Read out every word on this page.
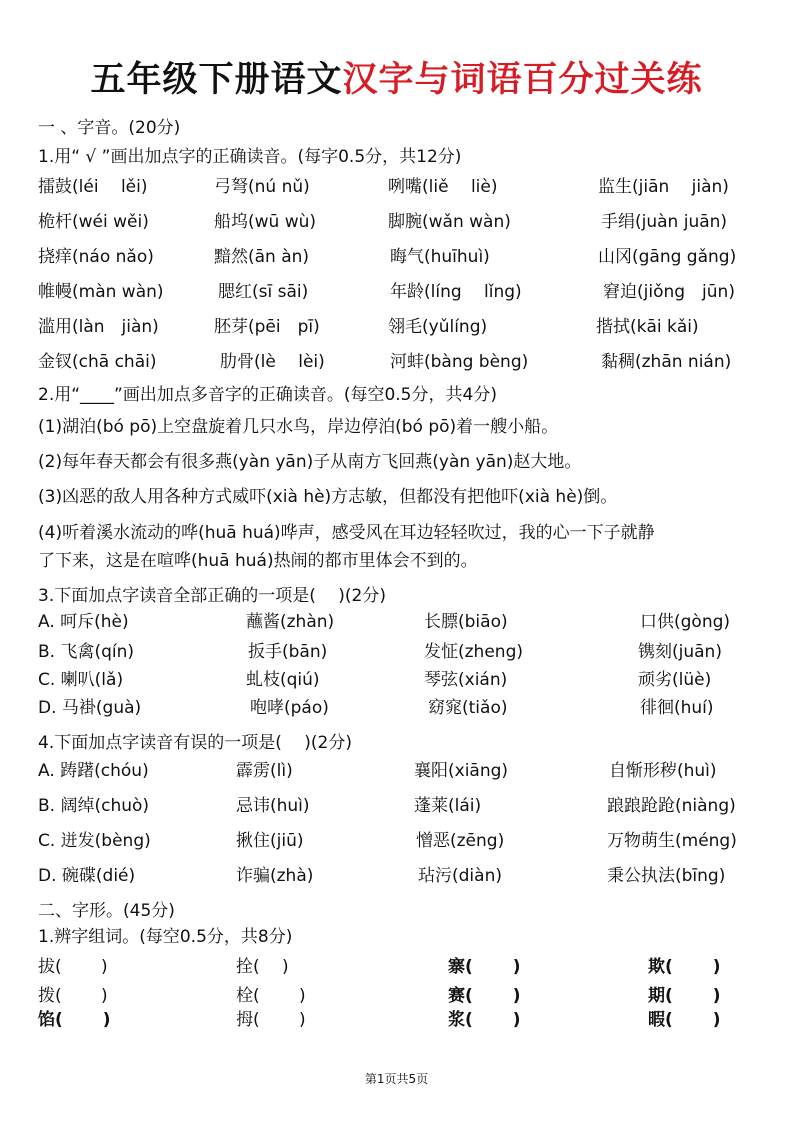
五年级下册语文汉字与词语百分过关练
一 、字音。(20分)
1.用“ √ ”画出加点字的正确读音。(每字0.5分，共12分)
擂鼓(léi　 lěi)	弓弩(nú nǔ)	咧嘴(liě　 liè)	监生(jiān　 jiàn)
桅杆(wéi wěi)	船坞(wū wù)	脚腕(wǎn wàn)	手绢(juàn juān)
挠痒(náo nǎo)	黯然(ān àn)	晦气(huīhuì)	山冈(gāng gǎng)
帷幔(màn wàn)	腮红(sī sāi)	年龄(líng　 lǐng)	窘迫(jiǒng　jūn)
滥用(làn　jiàn)	胚芽(pēi　pī)	翎毛(yǔlíng)	揩拭(kāi kǎi)
金钗(chā chāi)	肋骨(lè　 lèi)	河蚌(bàng bèng)	黏稠(zhān nián)
2.用“____”画出加点多音字的正确读音。(每空0.5分，共4分)
(1)湖泊(bó pō)上空盘旋着几只水鸟，岸边停泊(bó pō)着一艘小船。
(2)每年春天都会有很多燕(yàn yān)子从南方飞回燕(yàn yān)赵大地。
(3)凶恶的敌人用各种方式威吓(xià hè)方志敏，但都没有把他吓(xià hè)倒。
(4)听着溪水流动的哗(huā huá)哗声，感受风在耳边轻轻吹过，我的心一下子就静
了下来，这是在喧哗(huā huá)热闹的都市里体会不到的。
3.下面加点字读音全部正确的一项是(　 )(2分)
A. 呵斥(hè)	蘸酱(zhàn)	长膘(biāo)	口供(gòng)
B. 飞禽(qín)	扳手(bān)	发怔(zheng)	镌刻(juān)
C. 喇叭(lǎ)	虬枝(qiú)	琴弦(xián)	顽劣(lüè)
D. 马褂(guà)	咆哮(páo)	窈窕(tiǎo)	徘徊(huí)
4.下面加点字读音有误的一项是(　 )(2分)
A. 踌躇(chóu)	霹雳(lì)	襄阳(xiāng)	自惭形秽(huì)
B. 阔绰(chuò)	忌讳(huì)	蓬莱(lái)	踉踉跄跄(niàng)
C. 迸发(bèng)	揪住(jiū)	憎恶(zēng)	万物萌生(méng)
D. 碗碟(dié)	诈骗(zhà)	玷污(diàn)	秉公执法(bīng)
二、字形。(45分)
1.辨字组词。(每空0.5分，共8分)
拔(　　 )	拴(　 )	寨(　　 )	欺(　　 )
拨(　　 )	栓(　　 )	赛(　　 )	期(　　 )
馅(　　 )	拇(　　 )	浆(　　 )	暇(　　 )
第1页共5页
